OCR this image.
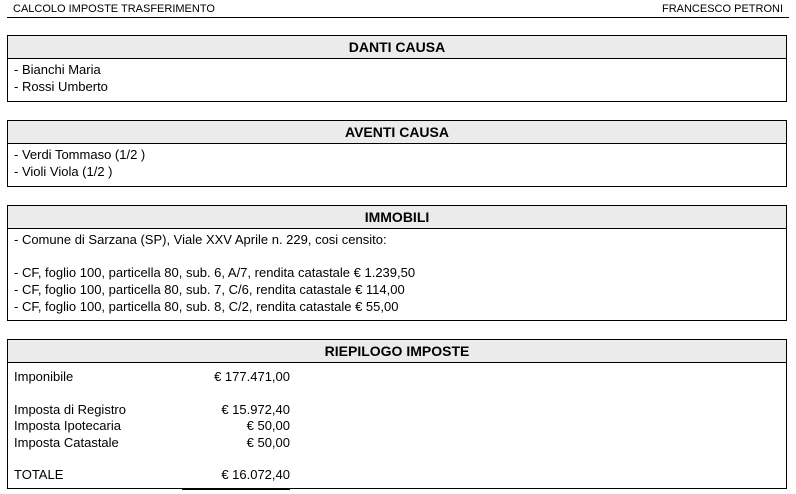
CALCOLO IMPOSTE TRASFERIMENTO	FRANCESCO PETRONI
DANTI CAUSA
- Bianchi Maria
- Rossi Umberto
AVENTI CAUSA
- Verdi Tommaso (1/2 )
- Violi Viola (1/2 )
IMMOBILI
- Comune di Sarzana (SP), Viale XXV Aprile n. 229, cosi censito:
- CF, foglio 100, particella 80, sub. 6, A/7, rendita catastale € 1.239,50
- CF, foglio 100, particella 80, sub. 7, C/6, rendita catastale € 114,00
- CF, foglio 100, particella 80, sub. 8, C/2, rendita catastale € 55,00
RIEPILOGO IMPOSTE
Imponibile	€ 177.471,00
Imposta di Registro	€ 15.972,40
Imposta Ipotecaria	€ 50,00
Imposta Catastale	€ 50,00
TOTALE	€ 16.072,40
